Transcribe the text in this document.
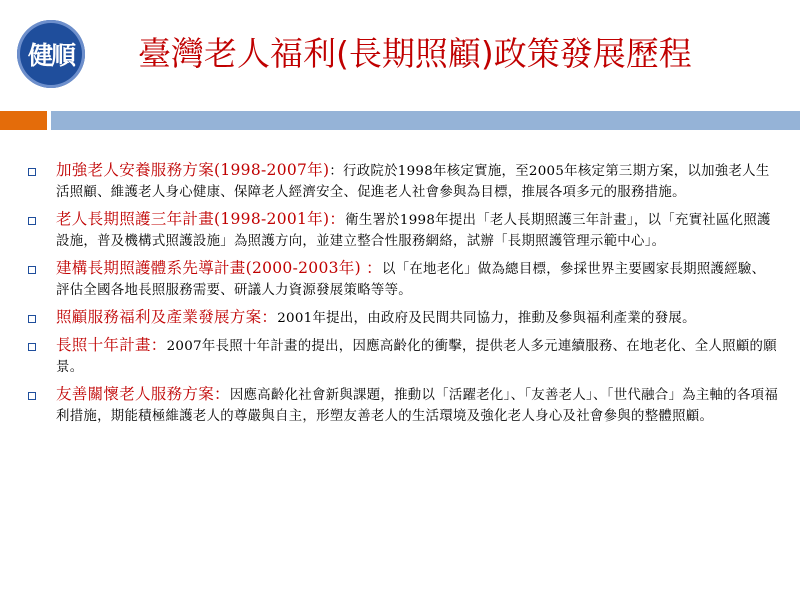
健順	臺灣老人福利(長期照顧)政策發展歷程
加強老人安養服務方案(1998-2007年)：行政院於1998年核定實施，至2005年核定第三期方案，以加強老人生活照顧、維護老人身心健康、保障老人經濟安全、促進老人社會參與為目標，推展各項多元的服務措施。
老人長期照護三年計畫(1998-2001年)：衛生署於1998年提出「老人長期照護三年計畫」，以「充實社區化照護設施，普及機構式照護設施」為照護方向，並建立整合性服務網絡，試辦「長期照護管理示範中心」。
建構長期照護體系先導計畫(2000-2003年) ：以「在地老化」做為總目標，參採世界主要國家長期照護經驗、評估全國各地長照服務需要、研議人力資源發展策略等等。
照顧服務福利及產業發展方案：2001年提出，由政府及民間共同協力，推動及參與福利產業的發展。
長照十年計畫：2007年長照十年計畫的提出，因應高齡化的衝擊，提供老人多元連續服務、在地老化、全人照顧的願景。
友善關懷老人服務方案：因應高齡化社會新與課題，推動以「活躍老化」、「友善老人」、「世代融合」為主軸的各項福利措施，期能積極維護老人的尊嚴與自主，形塑友善老人的生活環境及強化老人身心及社會參與的整體照顧。
